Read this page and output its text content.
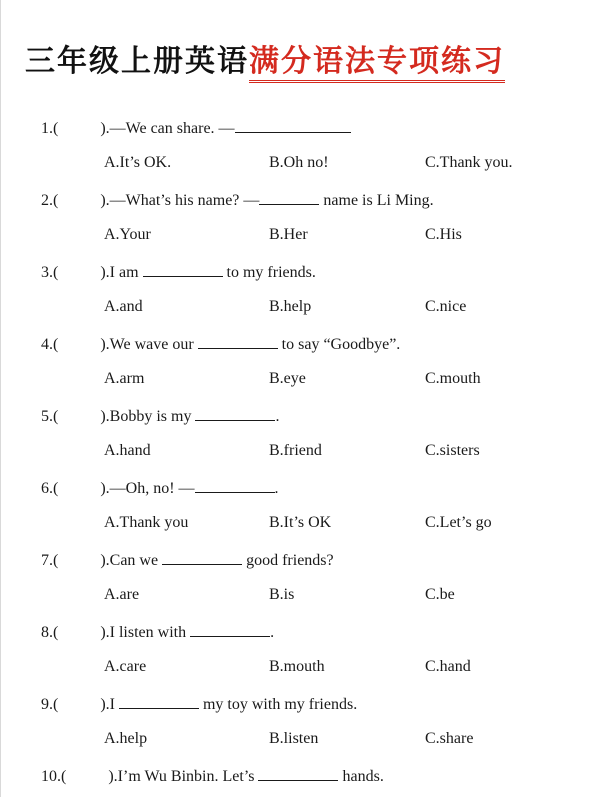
三年级上册英语满分语法专项练习
1.(	).—We can share. —
A.It’s OK.	B.Oh no!	C.Thank you.
2.(	).—What’s his name? —	name is Li Ming.
A.Your	B.Her	C.His
3.(	).I am	to my friends.
A.and	B.help	C.nice
4.(	).We wave our	to say “Goodbye”.
A.arm	B.eye	C.mouth
5.(	).Bobby is my	.
A.hand	B.friend	C.sisters
6.(	).—Oh, no! —	.
A.Thank you	B.It’s OK	C.Let’s go
7.(	).Can we	good friends?
A.are	B.is	C.be
8.(	).I listen with	.
A.care	B.mouth	C.hand
9.(	).I	my toy with my friends.
A.help	B.listen	C.share
10.(	).I’m Wu Binbin. Let’s	hands.
